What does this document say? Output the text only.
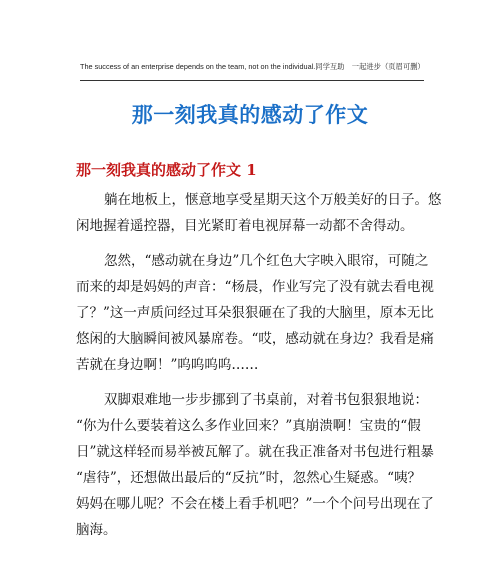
The success of an enterprise depends on the team, not on the individual.同学互助　一起进步（页眉可删）
那一刻我真的感动了作文
那一刻我真的感动了作文 1

躺在地板上，惬意地享受星期天这个万般美好的日子。悠
闲地握着遥控器，目光紧盯着电视屏幕一动都不舍得动。

忽然，“感动就在身边”几个红色大字映入眼帘，可随之
而来的却是妈妈的声音：“杨晨，作业写完了没有就去看电视
了？”这一声质问经过耳朵狠狠砸在了我的大脑里，原本无比
悠闲的大脑瞬间被风暴席卷。“哎，感动就在身边？我看是痛
苦就在身边啊！”呜呜呜呜……

双脚艰难地一步步挪到了书桌前，对着书包狠狠地说：
“你为什么要装着这么多作业回来？”真崩溃啊！宝贵的“假
日”就这样轻而易举被瓦解了。就在我正准备对书包进行粗暴
“虐待”，还想做出最后的“反抗”时，忽然心生疑惑。“咦？
妈妈在哪儿呢？不会在楼上看手机吧？”一个个问号出现在了
脑海。
